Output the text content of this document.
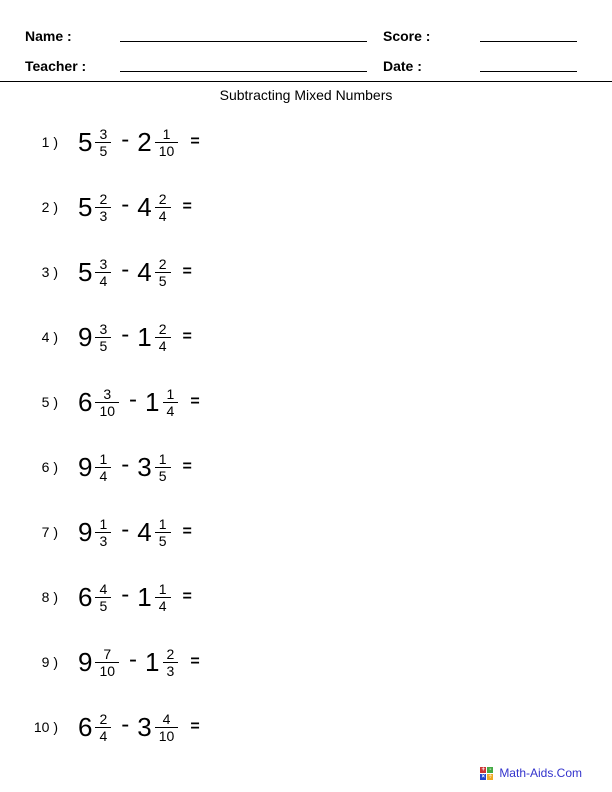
Name :	Score :
Teacher :	Date :
Subtracting Mixed Numbers
1 ) $5 \frac{3}{5} - 2 \frac{1}{10}$ =
2 ) $5 \frac{2}{3} - 4 \frac{2}{4}$ =
3 ) $5 \frac{3}{4} - 4 \frac{2}{5}$ =
4 ) $9 \frac{3}{5} - 1 \frac{2}{4}$ =
5 ) $6 \frac{3}{10} - 1 \frac{1}{4}$ =
6 ) $9 \frac{1}{4} - 3 \frac{1}{5}$ =
7 ) $9 \frac{1}{3} - 4 \frac{1}{5}$ =
8 ) $6 \frac{4}{5} - 1 \frac{1}{4}$ =
9 ) $9 \frac{7}{10} - 1 \frac{2}{3}$ =
10 ) $6 \frac{2}{4} - 3 \frac{4}{10}$ =
+ -
× ÷ Math-Aids.Com
